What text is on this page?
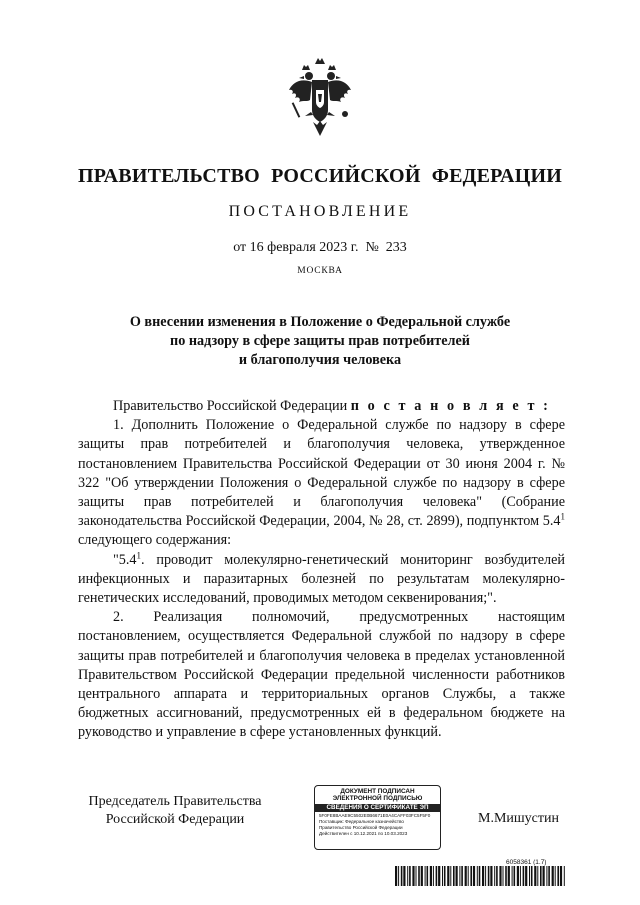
ПРАВИТЕЛЬСТВО РОССИЙСКОЙ ФЕДЕРАЦИИ
ПОСТАНОВЛЕНИЕ
от 16 февраля 2023 г.  №  233
МОСКВА
О внесении изменения в Положение о Федеральной службе
по надзору в сфере защиты прав потребителей
и благополучия человека

Правительство Российской Федерации п о с т а н о в л я е т :

1. Дополнить Положение о Федеральной службе по надзору в сфере защиты прав потребителей и благополучия человека, утвержденное постановлением Правительства Российской Федерации от 30 июня 2004 г. № 322 "Об утверждении Положения о Федеральной службе по надзору в сфере защиты прав потребителей и благополучия человека" (Собрание законодательства Российской Федерации, 2004, № 28, ст. 2899), подпунктом $5.4^1$ следующего содержания:

"$5.4^1$. проводит молекулярно-генетический мониторинг возбудителей инфекционных и паразитарных болезней по результатам молекулярно-генетических исследований, проводимых методом секвенирования;".

2. Реализация полномочий, предусмотренных настоящим постановлением, осуществляется Федеральной службой по надзору в сфере защиты прав потребителей и благополучия человека в пределах установленной Правительством Российской Федерации предельной численности работников центрального аппарата и территориальных органов Службы, а также бюджетных ассигнований, предусмотренных ей в федеральном бюджете на руководство и управление в сфере установленных функций.

Председатель Правительства
Российской Федерации
ДОКУМЕНТ ПОДПИСАН
ЭЛЕКТРОННОЙ ПОДПИСЬЮ
СВЕДЕНИЯ О СЕРТИФИКАТЕ ЭП
5F0FE8BAAE9C5502E0B6671E0A4CAFF03FC5F5F0
Поставщик: Федеральное казначейство
Правительство Российской Федерации
Действителен с 10.12.2021 по 10.03.2023
М.Мишустин
6058361 (1.7)
